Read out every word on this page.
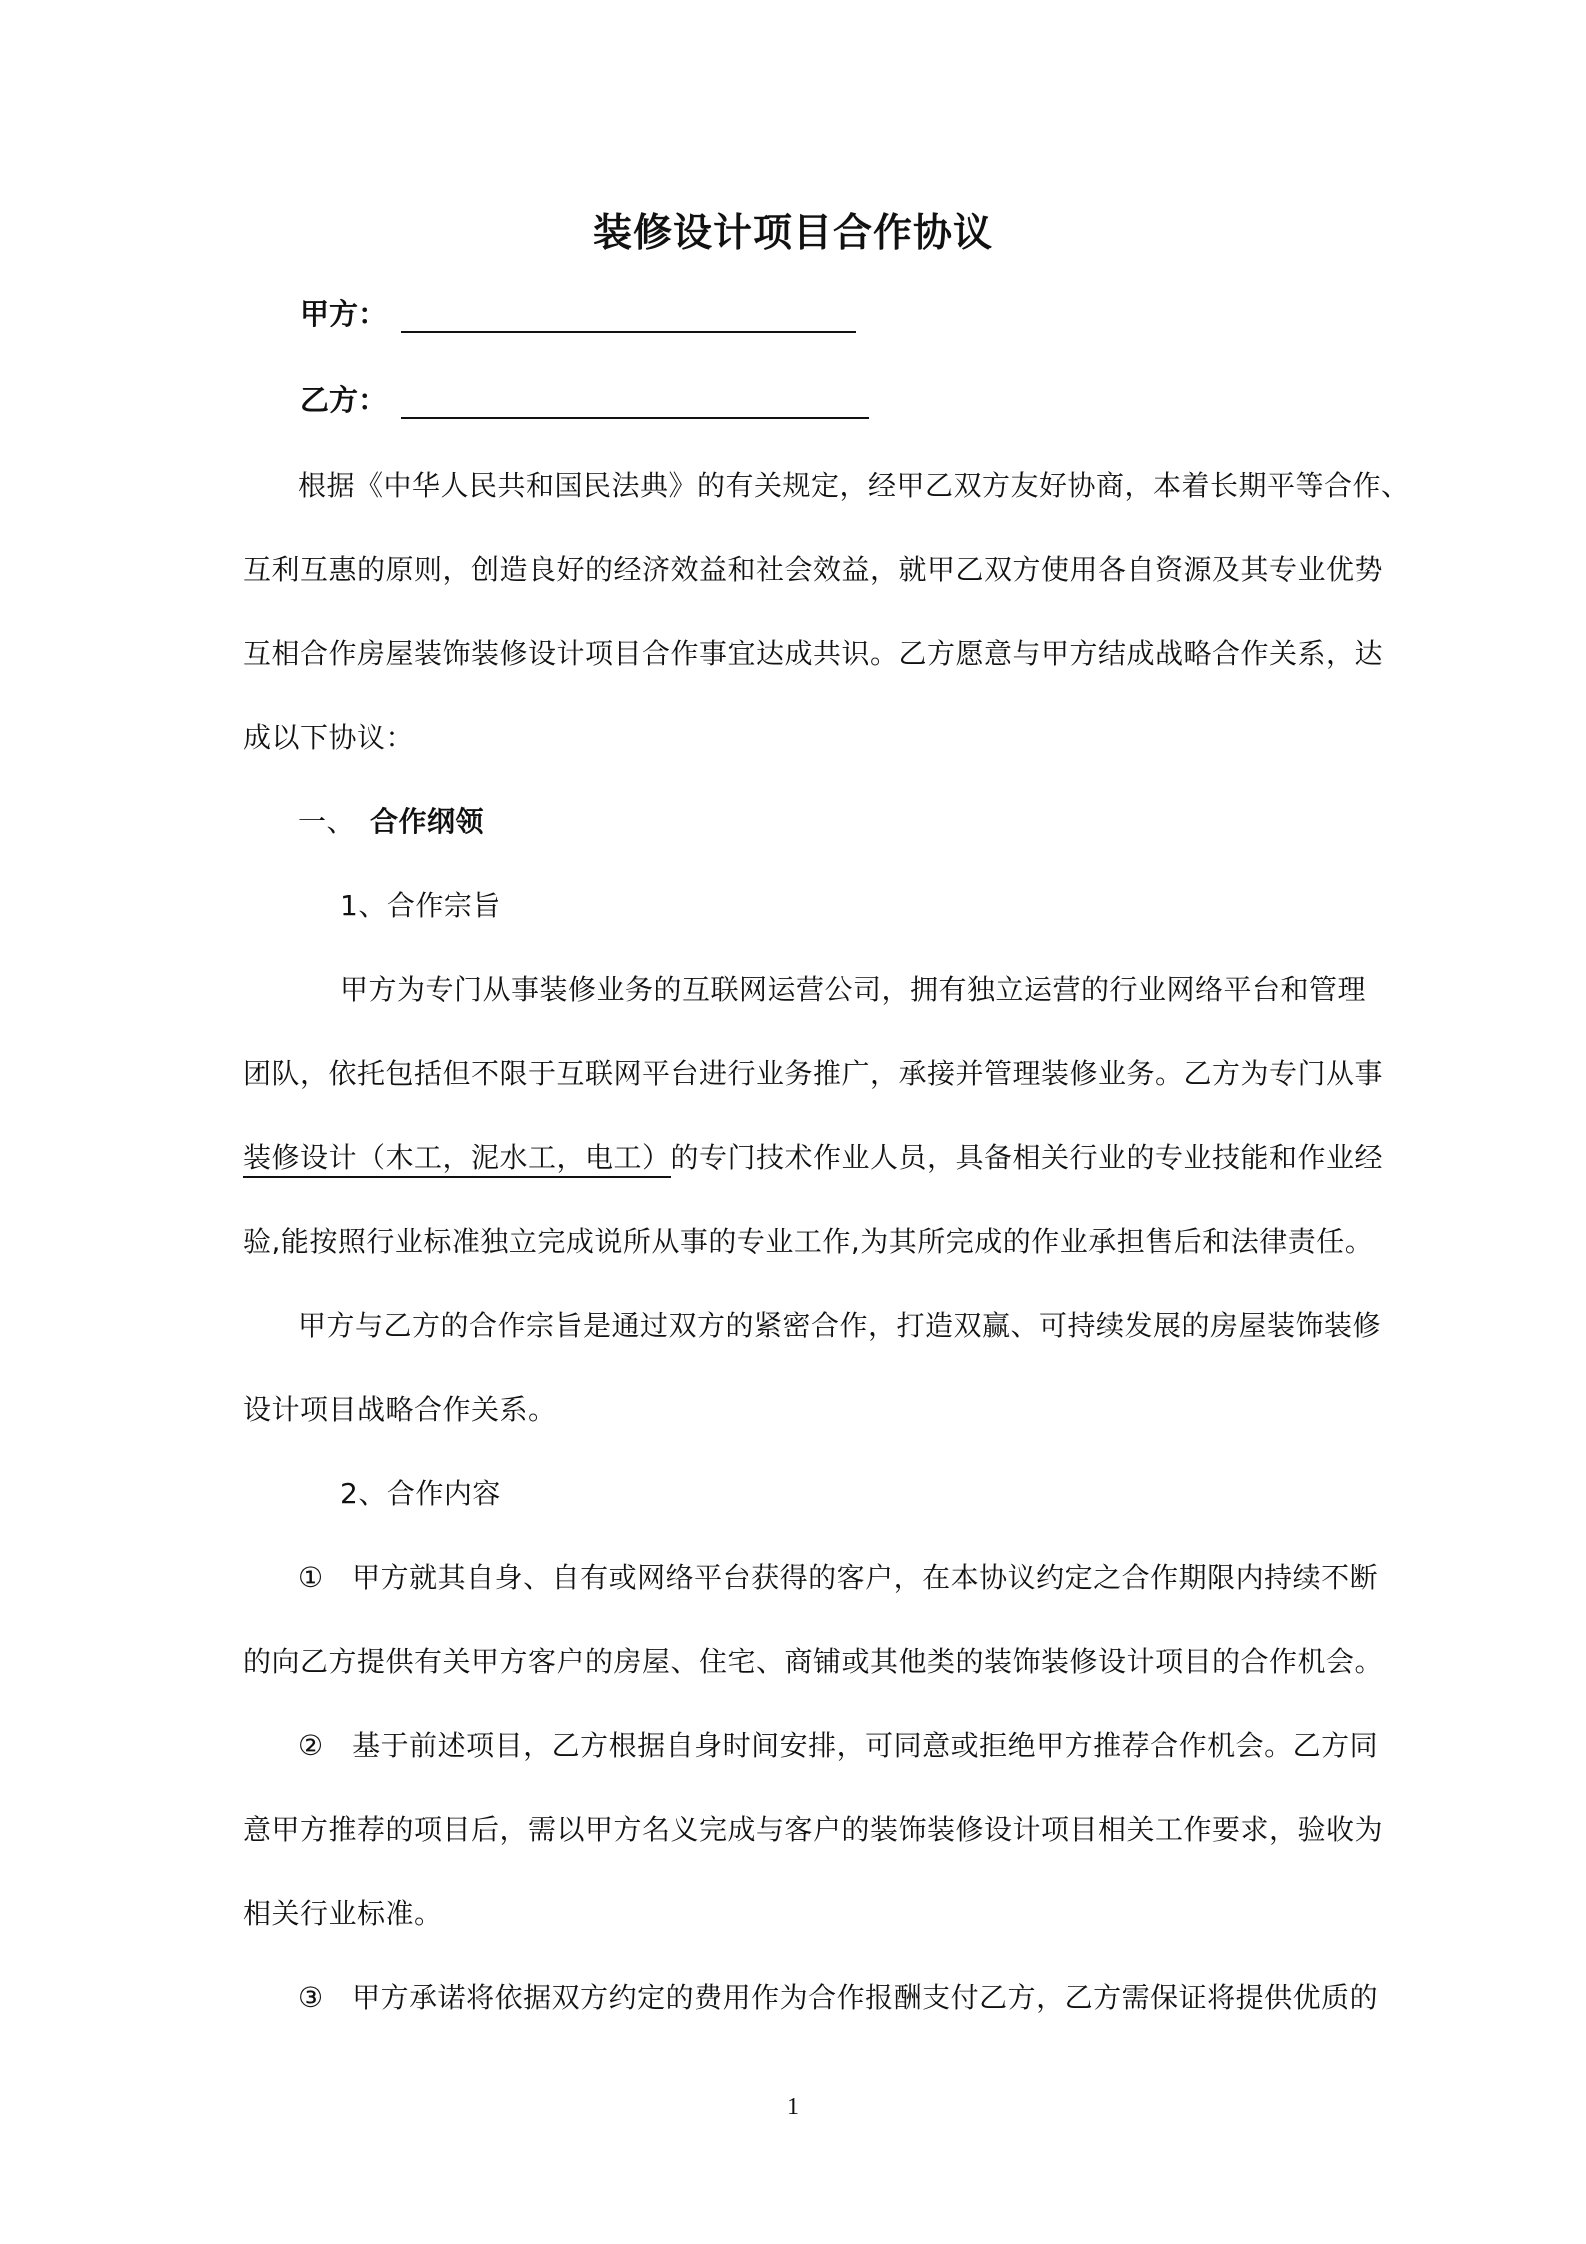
装修设计项目合作协议
甲方：
乙方：
根据《中华人民共和国民法典》的有关规定，经甲乙双方友好协商，本着长期平等合作、
互利互惠的原则，创造良好的经济效益和社会效益，就甲乙双方使用各自资源及其专业优势
互相合作房屋装饰装修设计项目合作事宜达成共识。乙方愿意与甲方结成战略合作关系，达
成以下协议：
一、 合作纲领
1、合作宗旨
甲方为专门从事装修业务的互联网运营公司，拥有独立运营的行业网络平台和管理
团队，依托包括但不限于互联网平台进行业务推广，承接并管理装修业务。乙方为专门从事
装修设计（木工，泥水工，电工）的专门技术作业人员，具备相关行业的专业技能和作业经
验,能按照行业标准独立完成说所从事的专业工作,为其所完成的作业承担售后和法律责任。
甲方与乙方的合作宗旨是通过双方的紧密合作，打造双赢、可持续发展的房屋装饰装修
设计项目战略合作关系。
2、合作内容
①　甲方就其自身、自有或网络平台获得的客户，在本协议约定之合作期限内持续不断
的向乙方提供有关甲方客户的房屋、住宅、商铺或其他类的装饰装修设计项目的合作机会。
②　基于前述项目，乙方根据自身时间安排，可同意或拒绝甲方推荐合作机会。乙方同
意甲方推荐的项目后，需以甲方名义完成与客户的装饰装修设计项目相关工作要求，验收为
相关行业标准。
③　甲方承诺将依据双方约定的费用作为合作报酬支付乙方，乙方需保证将提供优质的
1
